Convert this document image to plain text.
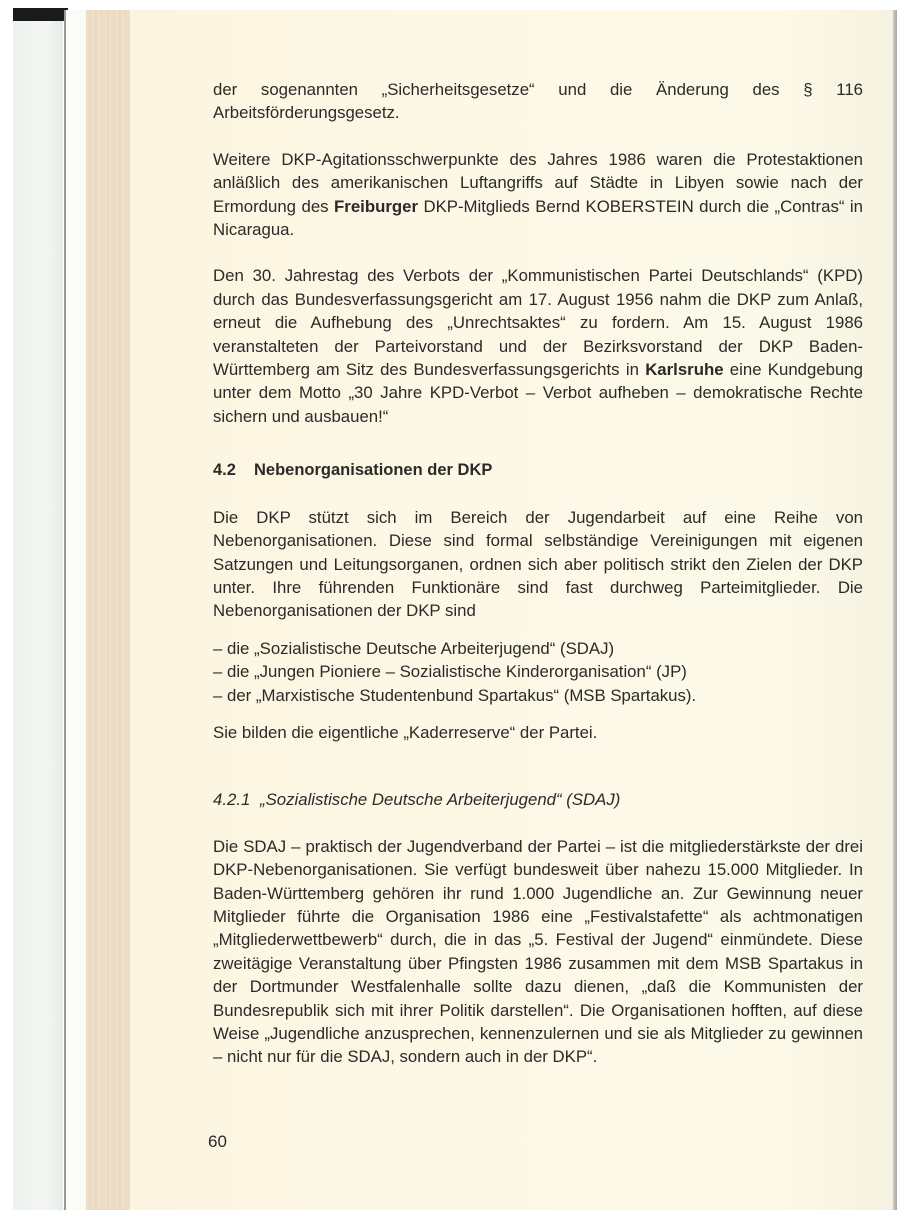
der sogenannten „Sicherheitsgesetze“ und die Änderung des § 116 Arbeitsförderungsgesetz.

Weitere DKP-Agitationsschwerpunkte des Jahres 1986 waren die Protestaktionen anläßlich des amerikanischen Luftangriffs auf Städte in Libyen sowie nach der Ermordung des Freiburger DKP-Mitglieds Bernd KOBERSTEIN durch die „Contras“ in Nicaragua.

Den 30. Jahrestag des Verbots der „Kommunistischen Partei Deutschlands“ (KPD) durch das Bundesverfassungsgericht am 17. August 1956 nahm die DKP zum Anlaß, erneut die Aufhebung des „Unrechtsaktes“ zu fordern. Am 15. August 1986 veranstalteten der Parteivorstand und der Bezirksvorstand der DKP Baden-Württemberg am Sitz des Bundesverfassungsgerichts in Karlsruhe eine Kundgebung unter dem Motto „30 Jahre KPD-Verbot – Verbot aufheben – demokratische Rechte sichern und ausbauen!“

4.2 Nebenorganisationen der DKP

Die DKP stützt sich im Bereich der Jugendarbeit auf eine Reihe von Nebenorganisationen. Diese sind formal selbständige Vereinigungen mit eigenen Satzungen und Leitungsorganen, ordnen sich aber politisch strikt den Zielen der DKP unter. Ihre führenden Funktionäre sind fast durchweg Parteimitglieder. Die Nebenorganisationen der DKP sind

– die „Sozialistische Deutsche Arbeiterjugend“ (SDAJ)

– die „Jungen Pioniere – Sozialistische Kinderorganisation“ (JP)

– der „Marxistische Studentenbund Spartakus“ (MSB Spartakus).

Sie bilden die eigentliche „Kaderreserve“ der Partei.

4.2.1 „Sozialistische Deutsche Arbeiterjugend“ (SDAJ)

Die SDAJ – praktisch der Jugendverband der Partei – ist die mitgliederstärkste der drei DKP-Nebenorganisationen. Sie verfügt bundesweit über nahezu 15.000 Mitglieder. In Baden-Württemberg gehören ihr rund 1.000 Jugendliche an. Zur Gewinnung neuer Mitglieder führte die Organisation 1986 eine „Festivalstafette“ als achtmonatigen „Mitgliederwettbewerb“ durch, die in das „5. Festival der Jugend“ einmündete. Diese zweitägige Veranstaltung über Pfingsten 1986 zusammen mit dem MSB Spartakus in der Dortmunder Westfalenhalle sollte dazu dienen, „daß die Kommunisten der Bundesrepublik sich mit ihrer Politik darstellen“. Die Organisationen hofften, auf diese Weise „Jugendliche anzusprechen, kennenzulernen und sie als Mitglieder zu gewinnen – nicht nur für die SDAJ, sondern auch in der DKP“.

60
